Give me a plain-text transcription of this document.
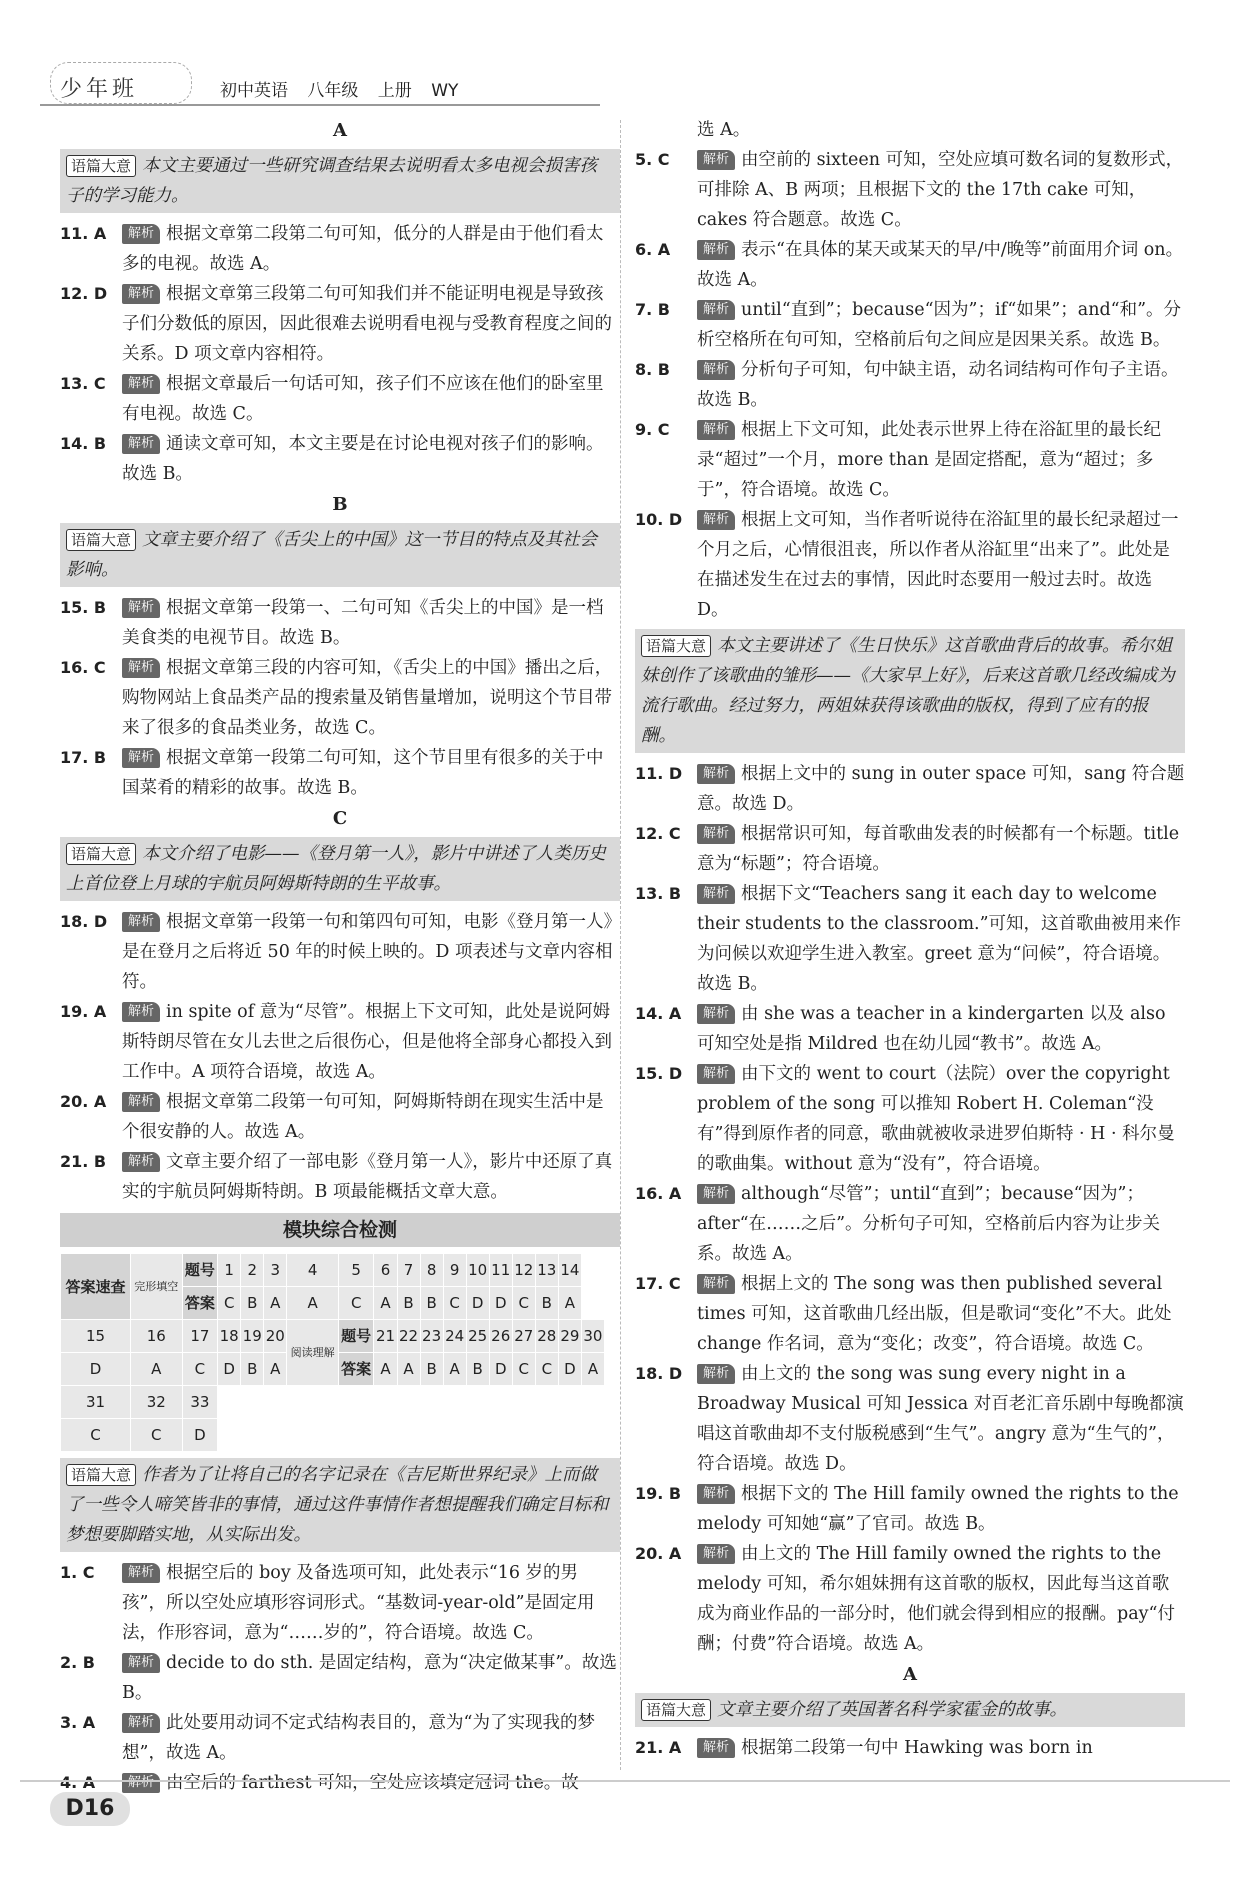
少年班	初中英语 八年级 上册 WY
A
语篇大意 本文主要通过一些研究调查结果去说明看太多电视会损害孩子的学习能力。
11. A 解析 根据文章第二段第二句可知，低分的人群是由于他们看太多的电视。故选 A。
12. D 解析 根据文章第三段第二句可知我们并不能证明电视是导致孩子们分数低的原因，因此很难去说明看电视与受教育程度之间的关系。D 项文章内容相符。
13. C 解析 根据文章最后一句话可知，孩子们不应该在他们的卧室里有电视。故选 C。
14. B 解析 通读文章可知，本文主要是在讨论电视对孩子们的影响。故选 B。
B
语篇大意 文章主要介绍了《舌尖上的中国》这一节目的特点及其社会影响。
15. B 解析 根据文章第一段第一、二句可知《舌尖上的中国》是一档美食类的电视节目。故选 B。
16. C 解析 根据文章第三段的内容可知，《舌尖上的中国》播出之后，购物网站上食品类产品的搜索量及销售量增加，说明这个节目带来了很多的食品类业务，故选 C。
17. B 解析 根据文章第一段第二句可知，这个节目里有很多的关于中国菜肴的精彩的故事。故选 B。
C
语篇大意 本文介绍了电影——《登月第一人》，影片中讲述了人类历史上首位登上月球的宇航员阿姆斯特朗的生平故事。
18. D 解析 根据文章第一段第一句和第四句可知，电影《登月第一人》是在登月之后将近 50 年的时候上映的。D 项表述与文章内容相符。
19. A 解析 in spite of 意为“尽管”。根据上下文可知，此处是说阿姆斯特朗尽管在女儿去世之后很伤心，但是他将全部身心都投入到工作中。A 项符合语境，故选 A。
20. A 解析 根据文章第二段第一句可知，阿姆斯特朗在现实生活中是个很安静的人。故选 A。
21. B 解析 文章主要介绍了一部电影《登月第一人》，影片中还原了真实的宇航员阿姆斯特朗。B 项最能概括文章大意。
模块综合检测
答案速查	完形填空	题号	1	2	3	4	5	6	7	8	9	10	11	12	13	14	
		答案	C	B	A	A	C	A	B	B	C	D	D	C	B	A	
15	16	17	18	19	20	阅读理解	题号	21	22	23	24	25	26	27	28	29	30
D	A	C	D	B	A		答案	A	A	B	A	B	D	C	C	D	A
31	32	33															
C	C	D															
语篇大意 作者为了让将自己的名字记录在《吉尼斯世界纪录》上而做了一些令人啼笑皆非的事情，通过这件事情作者想提醒我们确定目标和梦想要脚踏实地，从实际出发。
1. C	解析 根据空后的 boy 及备选项可知，此处表示“16 岁的男孩”，所以空处应填形容词形式。“基数词-year-old”是固定用法，作形容词，意为“……岁的”，符合语境。故选 C。
2. B	解析 decide to do sth. 是固定结构，意为“决定做某事”。故选 B。
3. A	解析 此处要用动词不定式结构表目的，意为“为了实现我的梦想”，故选 A。
4. A	解析 由空后的 farthest 可知，空处应该填定冠词 the。故
选 A。
5. C	解析 由空前的 sixteen 可知，空处应填可数名词的复数形式，可排除 A、B 两项；且根据下文的 the 17th cake 可知，cakes 符合题意。故选 C。
6. A	解析 表示“在具体的某天或某天的早/中/晚等”前面用介词 on。故选 A。
7. B	解析 until“直到”；because“因为”；if“如果”；and“和”。分析空格所在句可知，空格前后句之间应是因果关系。故选 B。
8. B	解析 分析句子可知，句中缺主语，动名词结构可作句子主语。故选 B。
9. C	解析 根据上下文可知，此处表示世界上待在浴缸里的最长纪录“超过”一个月，more than 是固定搭配，意为“超过；多于”，符合语境。故选 C。
10. D 解析 根据上文可知，当作者听说待在浴缸里的最长纪录超过一个月之后，心情很沮丧，所以作者从浴缸里“出来了”。此处是在描述发生在过去的事情，因此时态要用一般过去时。故选 D。
语篇大意 本文主要讲述了《生日快乐》这首歌曲背后的故事。希尔姐妹创作了该歌曲的雏形——《大家早上好》，后来这首歌几经改编成为流行歌曲。经过努力，两姐妹获得该歌曲的版权，得到了应有的报酬。
11. D 解析 根据上文中的 sung in outer space 可知，sang 符合题意。故选 D。
12. C 解析 根据常识可知，每首歌曲发表的时候都有一个标题。title 意为“标题”；符合语境。
13. B 解析 根据下文“Teachers sang it each day to welcome their students to the classroom.”可知，这首歌曲被用来作为问候以欢迎学生进入教室。greet 意为“问候”，符合语境。故选 B。
14. A 解析 由 she was a teacher in a kindergarten 以及 also 可知空处是指 Mildred 也在幼儿园“教书”。故选 A。
15. D 解析 由下文的 went to court（法院）over the copyright problem of the song 可以推知 Robert H. Coleman“没有”得到原作者的同意，歌曲就被收录进罗伯斯特 · H · 科尔曼的歌曲集。without 意为“没有”，符合语境。
16. A 解析 although“尽管”；until“直到”；because“因为”；after“在……之后”。分析句子可知，空格前后内容为让步关系。故选 A。
17. C 解析 根据上文的 The song was then published several times 可知，这首歌曲几经出版，但是歌词“变化”不大。此处 change 作名词，意为“变化；改变”，符合语境。故选 C。
18. D 解析 由上文的 the song was sung every night in a Broadway Musical 可知 Jessica 对百老汇音乐剧中每晚都演唱这首歌曲却不支付版税感到“生气”。angry 意为“生气的”，符合语境。故选 D。
19. B 解析 根据下文的 The Hill family owned the rights to the melody 可知她“赢”了官司。故选 B。
20. A 解析 由上文的 The Hill family owned the rights to the melody 可知，希尔姐妹拥有这首歌的版权，因此每当这首歌成为商业作品的一部分时，他们就会得到相应的报酬。pay“付酬；付费”符合语境。故选 A。
A
语篇大意 文章主要介绍了英国著名科学家霍金的故事。
21. A 解析 根据第二段第一句中 Hawking was born in
D16
